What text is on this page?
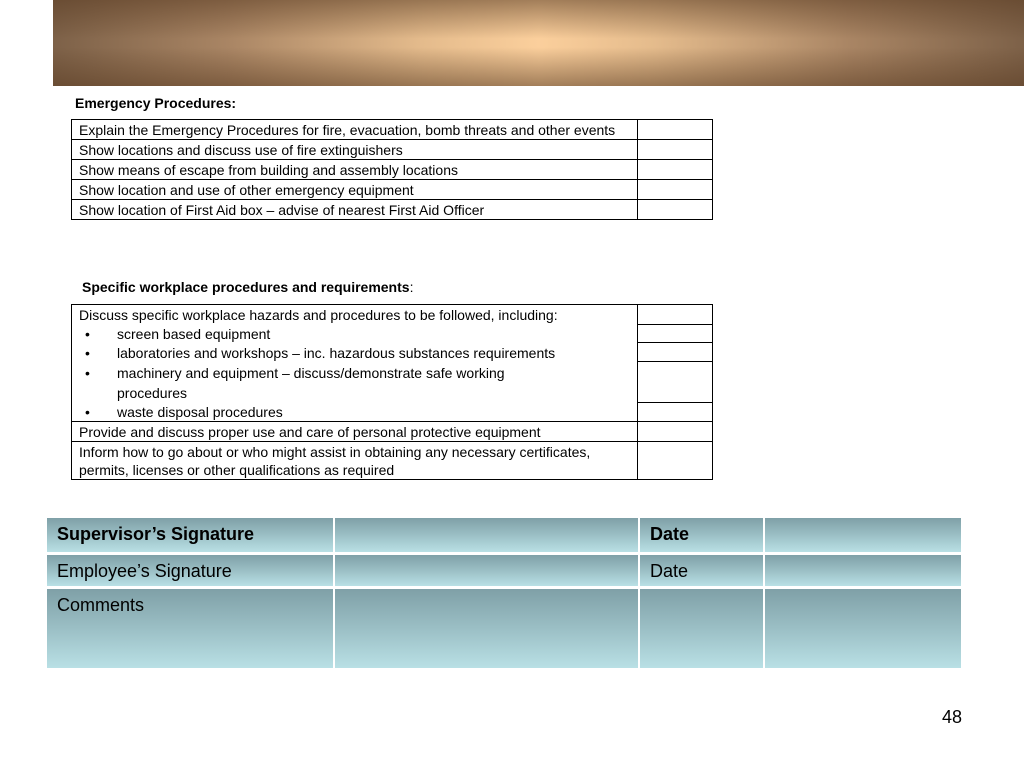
Emergency Procedures:
Explain the Emergency Procedures for fire, evacuation, bomb threats and other events	
Show locations and discuss use of fire extinguishers	
Show means of escape from building and assembly locations	
Show location and use of other emergency equipment	
Show location of First Aid box – advise of nearest First Aid Officer	
Specific workplace procedures and requirements:
Discuss specific workplace hazards and procedures to be followed, including:	

• screen based equipment	

• laboratories and workshops – inc. hazardous substances requirements	

• machinery and equipment – discuss/demonstrate safe working procedures	

• waste disposal procedures	

Provide and discuss proper use and care of personal protective equipment	
Inform how to go about or who might assist in obtaining any necessary certificates, permits, licenses or other qualifications as required	
Supervisor’s Signature		Date	
Employee’s Signature		Date	
Comments			
48
